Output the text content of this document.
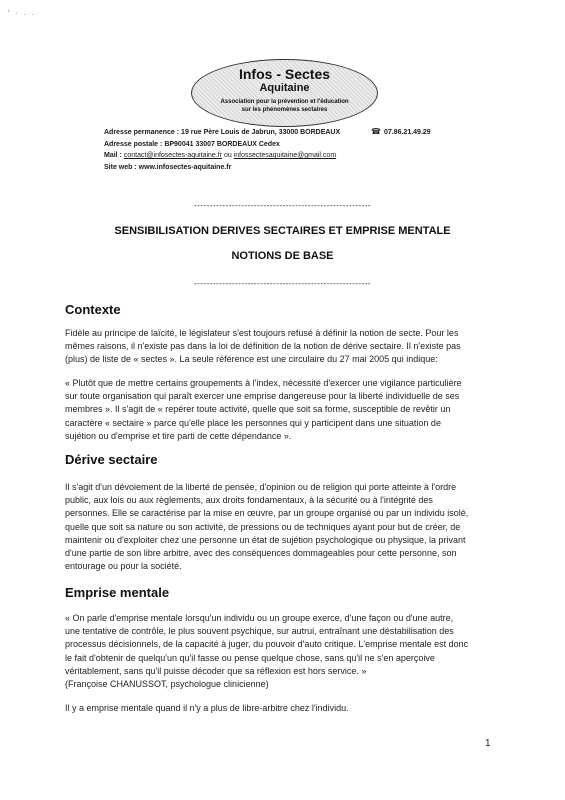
' · . .
Infos - Sectes
Aquitaine
Association pour la prévention et l'éducation
sur les phénomènes sectaires
Adresse permanence : 19 rue Père Louis de Jabrun, 33000 BORDEAUX
Adresse postale : BP90041 33007 BORDEAUX Cedex
Mail : contact@infosectes-aquitaine.fr ou infossectesaquitaine@gmail.com
Site web : www.infosectes-aquitaine.fr
☎ 07.86.21.49.29
--------------------------------------------------------
SENSIBILISATION DERIVES SECTAIRES ET EMPRISE MENTALE
NOTIONS DE BASE
--------------------------------------------------------
Contexte
Fidèle au principe de laïcité, le législateur s'est toujours refusé à définir la notion de secte. Pour les
mêmes raisons, il n'existe pas dans la loi de définition de la notion de dérive sectaire. Il n'existe pas
(plus) de liste de « sectes ». La seule référence est une circulaire du 27 mai 2005 qui indique:
« Plutôt que de mettre certains groupements à l'index, nécessité d'exercer une vigilance particulière
sur toute organisation qui paraît exercer une emprise dangereuse pour la liberté individuelle de ses
membres ». Il s'agit de « repérer toute activité, quelle que soit sa forme, susceptible de revêtir un
caractère « sectaire » parce qu'elle place les personnes qui y participent dans une situation de
sujétion ou d'emprise et tire parti de cette dépendance ».
Dérive sectaire
Il s'agit d'un dévoiement de la liberté de pensée, d'opinion ou de religion qui porte atteinte à l'ordre
public, aux lois ou aux règlements, aux droits fondamentaux, à la sécurité ou à l'intégrité des
personnes. Elle se caractérise par la mise en œuvre, par un groupe organisé ou par un individu isolé,
quelle que soit sa nature ou son activité, de pressions ou de techniques ayant pour but de créer, de
maintenir ou d'exploiter chez une personne un état de sujétion psychologique ou physique, la privant
d'une partie de son libre arbitre, avec des conséquences dommageables pour cette personne, son
entourage ou pour la société.
Emprise mentale
« On parle d'emprise mentale lorsqu'un individu ou un groupe exerce, d'une façon ou d'une autre,
une tentative de contrôle, le plus souvent psychique, sur autrui, entraînant une déstabilisation des
processus décisionnels, de la capacité à juger, du pouvoir d'auto critique. L'emprise mentale est donc
le fait d'obtenir de quelqu'un qu'il fasse ou pense quelque chose, sans qu'il ne s'en aperçoive
véritablement, sans qu'il puisse décoder que sa réflexion est hors service. »
(Françoise CHANUSSOT, psychologue clinicienne)
Il y a emprise mentale quand il n'y a plus de libre-arbitre chez l'individu.
1
